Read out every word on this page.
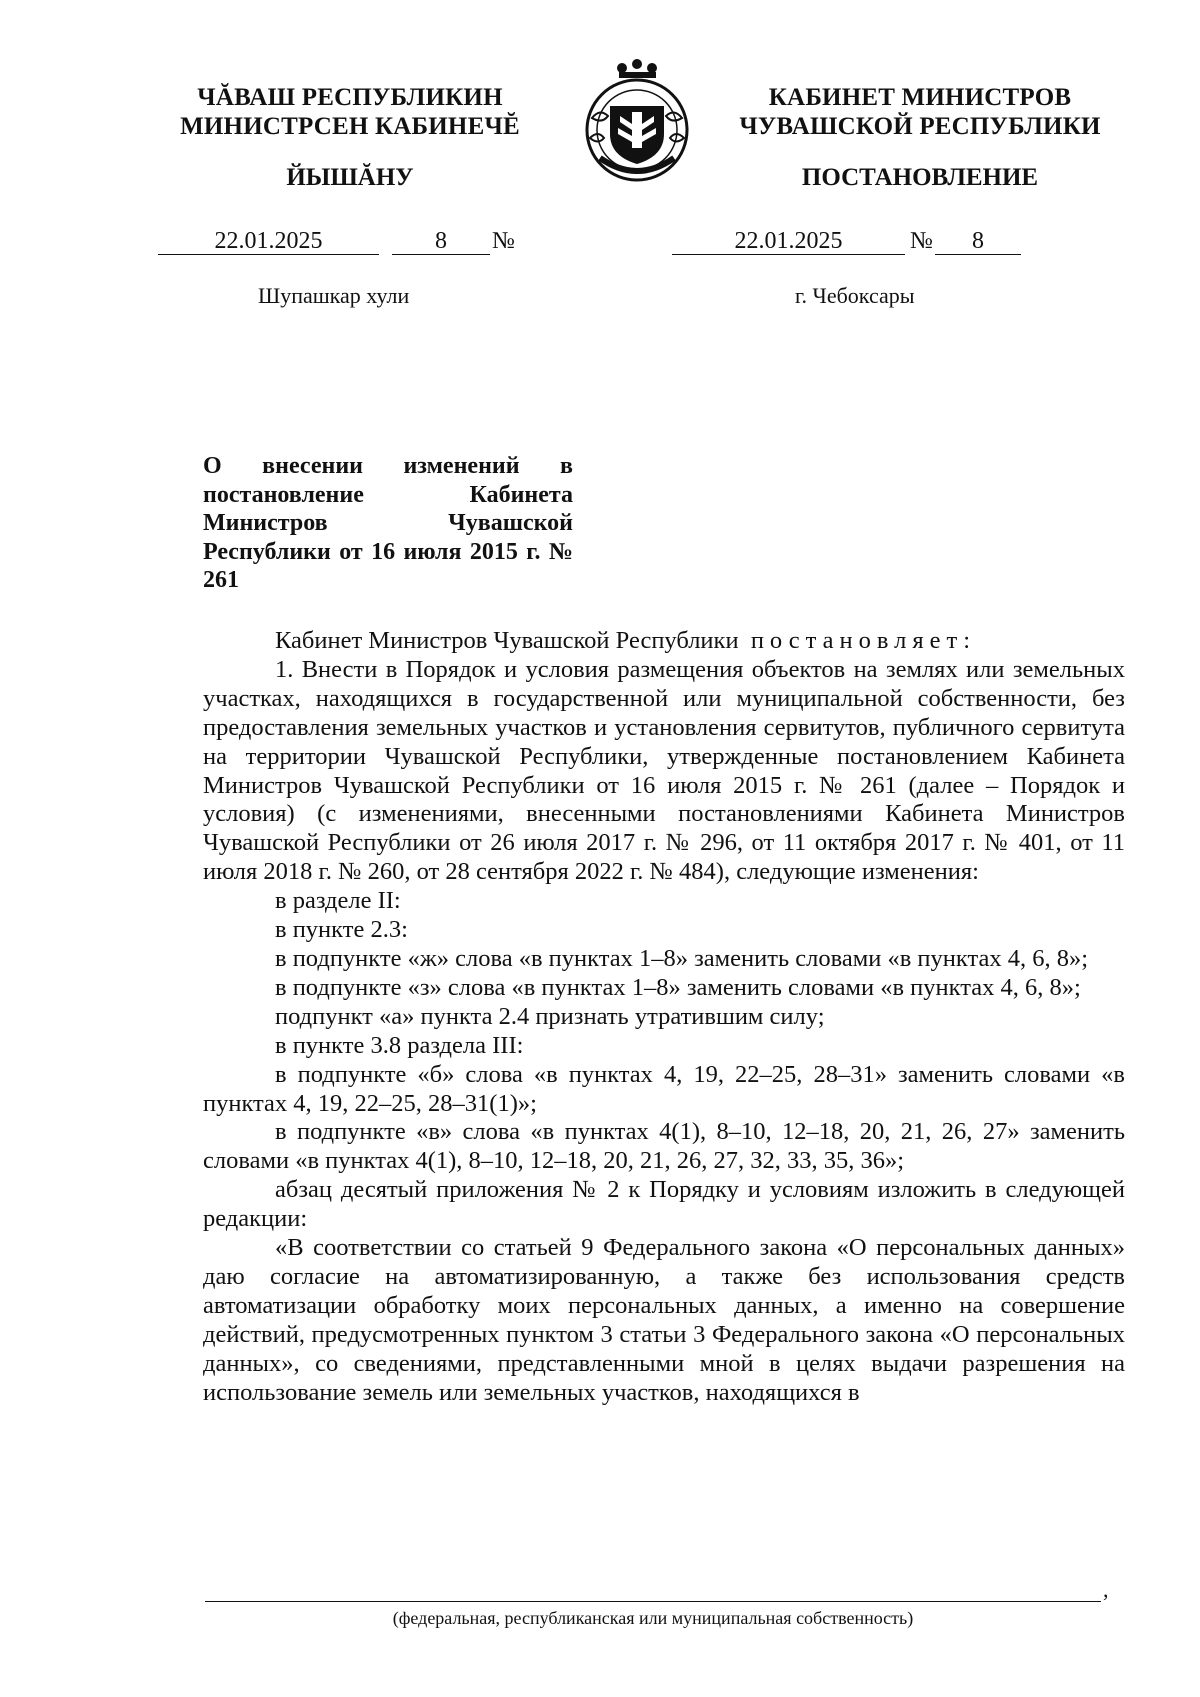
ЧĂВАШ РЕСПУБЛИКИН
МИНИСТРСЕН КАБИНЕЧĔ
ЙЫШĂНУ
КАБИНЕТ МИНИСТРОВ
ЧУВАШСКОЙ РЕСПУБЛИКИ
ПОСТАНОВЛЕНИЕ
22.01.2025	8	№	22.01.2025	№	8
Шупашкар хули	г. Чебоксары
О внесении изменений в постановление Кабинета Министров Чувашской Республики от 16 июля 2015 г. № 261

Кабинет Министров Чувашской Республики постановляет:

1. Внести в Порядок и условия размещения объектов на землях или земельных участках, находящихся в государственной или муниципальной собственности, без предоставления земельных участков и установления сервитутов, публичного сервитута на территории Чувашской Республики, утвержденные постановлением Кабинета Министров Чувашской Республики от 16 июля 2015 г. № 261 (далее – Порядок и условия) (с изменениями, внесенными постановлениями Кабинета Министров Чувашской Республики от 26 июля 2017 г. № 296, от 11 октября 2017 г. № 401, от 11 июля 2018 г. № 260, от 28 сентября 2022 г. № 484), следующие изменения:

в разделе II:

в пункте 2.3:

в подпункте «ж» слова «в пунктах 1–8» заменить словами «в пунктах 4, 6, 8»;

в подпункте «з» слова «в пунктах 1–8» заменить словами «в пунктах 4, 6, 8»;

подпункт «а» пункта 2.4 признать утратившим силу;

в пункте 3.8 раздела III:

в подпункте «б» слова «в пунктах 4, 19, 22–25, 28–31» заменить словами «в пунктах 4, 19, 22–25, 28–31(1)»;

в подпункте «в» слова «в пунктах 4(1), 8–10, 12–18, 20, 21, 26, 27» заменить словами «в пунктах 4(1), 8–10, 12–18, 20, 21, 26, 27, 32, 33, 35, 36»;

абзац десятый приложения № 2 к Порядку и условиям изложить в следующей редакции:

«В соответствии со статьей 9 Федерального закона «О персональных данных» даю согласие на автоматизированную, а также без использования средств автоматизации обработку моих персональных данных, а именно на совершение действий, предусмотренных пунктом 3 статьи 3 Федерального закона «О персональных данных», со сведениями, представленными мной в целях выдачи разрешения на использование земель или земельных участков, находящихся в

,
(федеральная, республиканская или муниципальная собственность)
